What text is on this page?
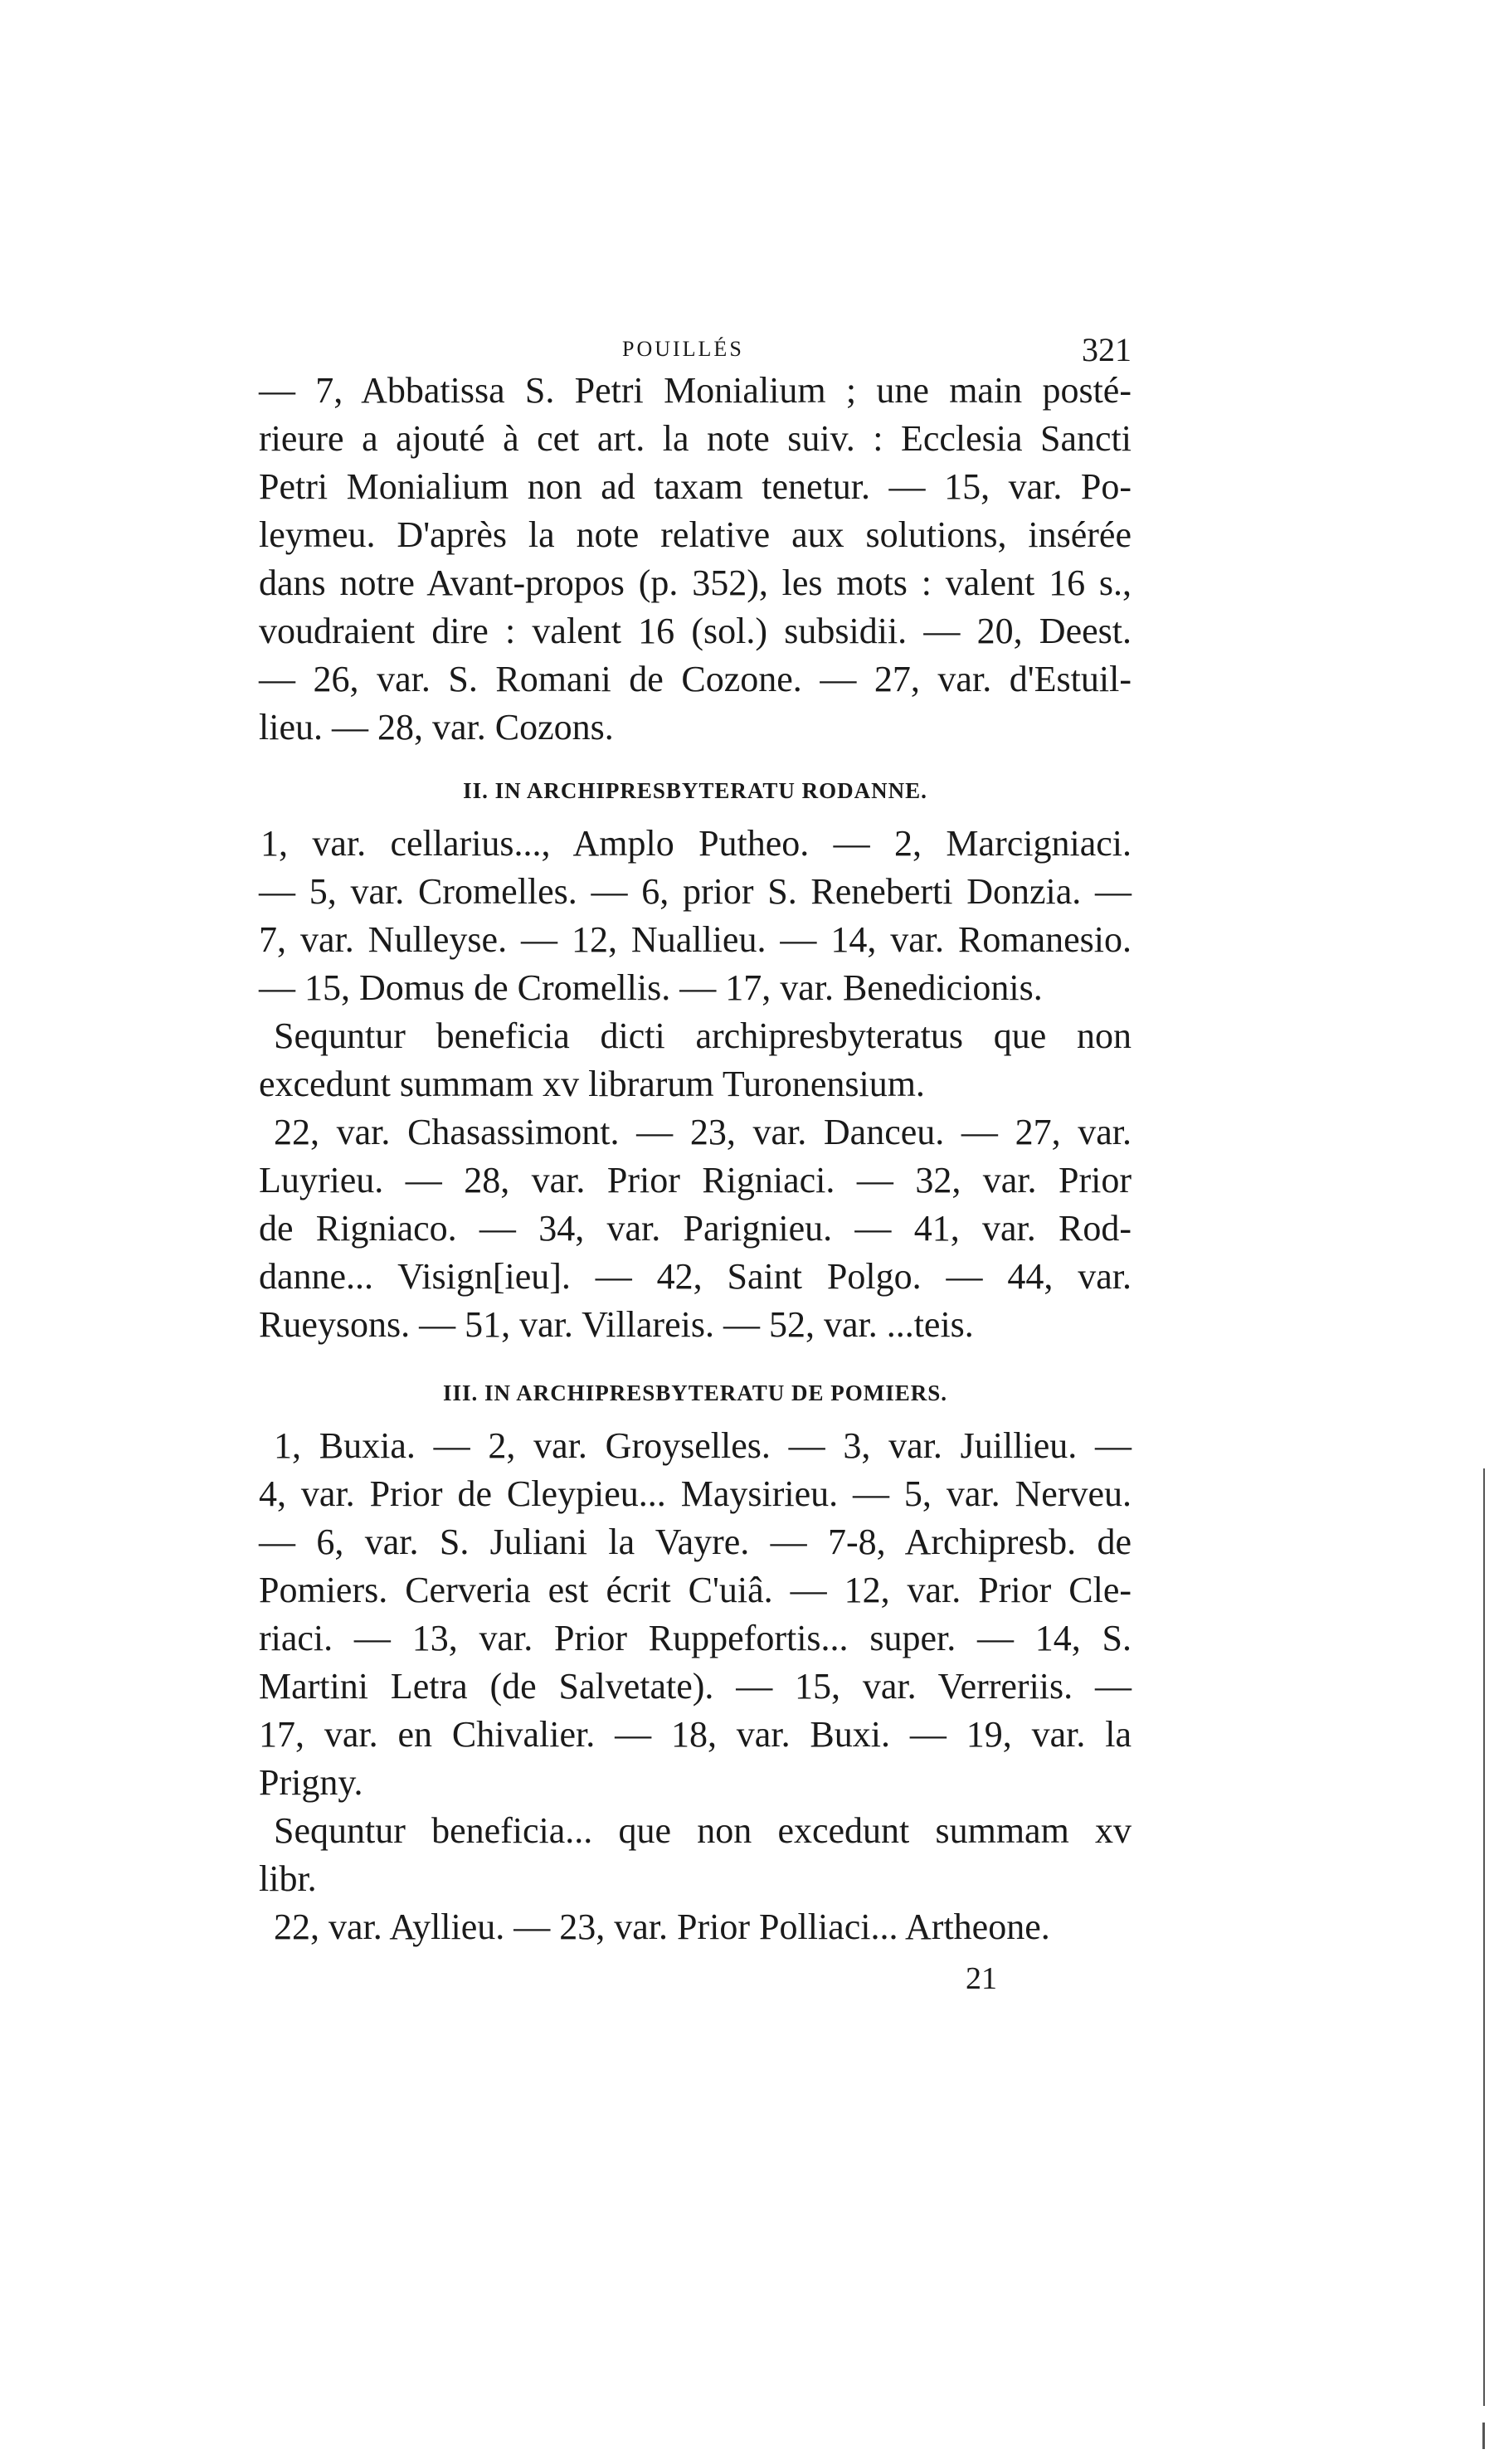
POUILLÉS	321

— 7, Abbatissa S. Petri Monialium ; une main posté-
rieure a ajouté à cet art. la note suiv. : Ecclesia Sancti
Petri Monialium non ad taxam tenetur. — 15, var. Po-
leymeu. D'après la note relative aux solutions, insérée
dans notre Avant-propos (p. 352), les mots : valent 16 s.,
voudraient dire : valent 16 (sol.) subsidii. — 20, Deest.
— 26, var. S. Romani de Cozone. — 27, var. d'Estuil-
lieu. — 28, var. Cozons.

II. IN ARCHIPRESBYTERATU RODANNE.

1, var. cellarius..., Amplo Putheo. — 2, Marcigniaci.
— 5, var. Cromelles. — 6, prior S. Reneberti Donzia. —
7, var. Nulleyse. — 12, Nuallieu. — 14, var. Romanesio.
— 15, Domus de Cromellis. — 17, var. Benedicionis.

Sequntur beneficia dicti archipresbyteratus que non
excedunt summam xv librarum Turonensium.

22, var. Chasassimont. — 23, var. Danceu. — 27, var.
Luyrieu. — 28, var. Prior Rigniaci. — 32, var. Prior
de Rigniaco. — 34, var. Parignieu. — 41, var. Rod-
danne... Visign[ieu]. — 42, Saint Polgo. — 44, var.
Rueysons. — 51, var. Villareis. — 52, var. ...teis.

III. IN ARCHIPRESBYTERATU DE POMIERS.

1, Buxia. — 2, var. Groyselles. — 3, var. Juillieu. —
4, var. Prior de Cleypieu... Maysirieu. — 5, var. Nerveu.
— 6, var. S. Juliani la Vayre. — 7-8, Archipresb. de
Pomiers. Cerveria est écrit C'uiâ. — 12, var. Prior Cle-
riaci. — 13, var. Prior Ruppefortis... super. — 14, S.
Martini Letra (de Salvetate). — 15, var. Verreriis. —
17, var. en Chivalier. — 18, var. Buxi. — 19, var. la
Prigny.

Sequntur beneficia... que non excedunt summam xv
libr.

22, var. Ayllieu. — 23, var. Prior Polliaci... Artheone.

21
